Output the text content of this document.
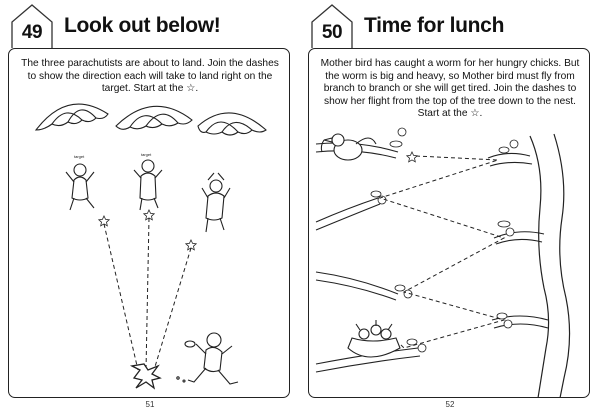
49	Look out below!
The three parachutists are about to land. Join the dashes to show the direction each will take to land right on the target. Start at the ☆.
target	target
51
50	Time for lunch
Mother bird has caught a worm for her hungry chicks. But the worm is big and heavy, so Mother bird must fly from branch to branch or she will get tired. Join the dashes to show her flight from the top of the tree down to the nest. Start at the ☆.
52
